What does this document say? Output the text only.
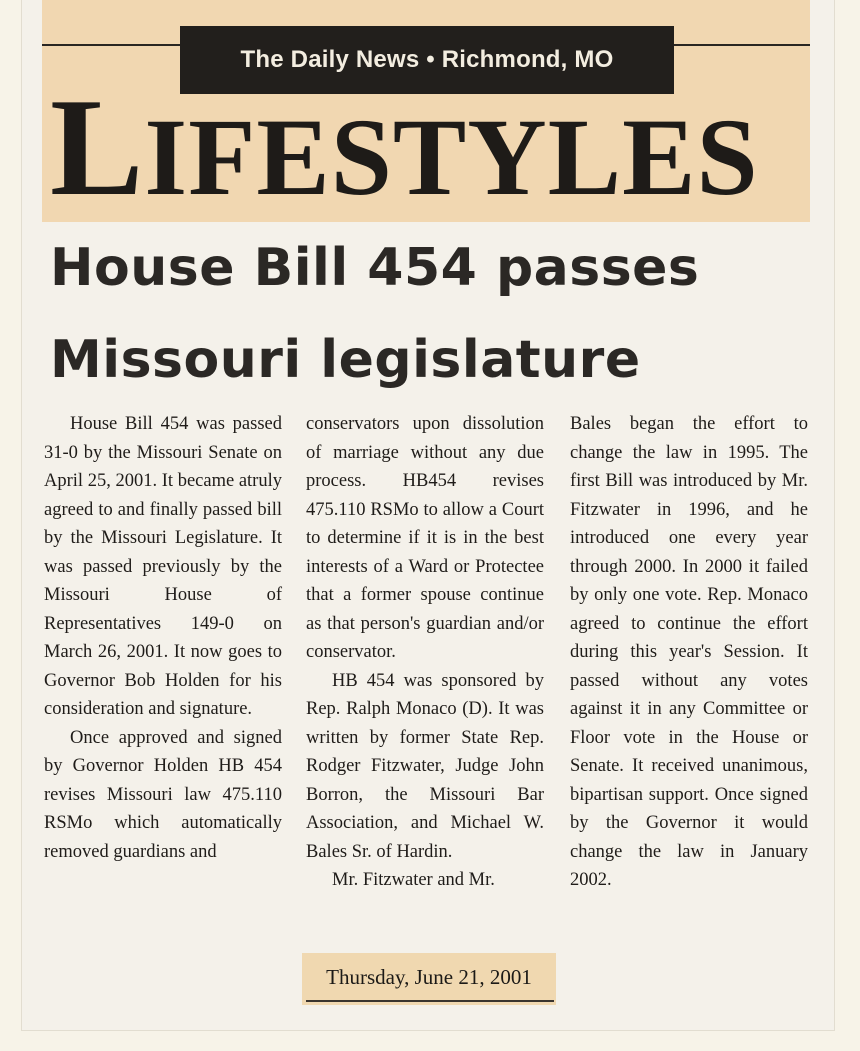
The Daily News • Richmond, MO
LIFESTYLES
House Bill 454 passes Missouri legislature

House Bill 454 was passed 31-0 by the Missouri Senate on April 25, 2001. It became atruly agreed to and finally passed bill by the Missouri Legislature. It was passed previously by the Missouri House of Representatives 149-0 on March 26, 2001. It now goes to Governor Bob Holden for his consideration and signature.

Once approved and signed by Governor Holden HB 454 revises Missouri law 475.110 RSMo which automatically removed guardians and

conservators upon dissolution of marriage without any due process. HB454 revises 475.110 RSMo to allow a Court to determine if it is in the best interests of a Ward or Protectee that a former spouse continue as that person's guardian and/or conservator.

HB 454 was sponsored by Rep. Ralph Monaco (D). It was written by former State Rep. Rodger Fitzwater, Judge John Borron, the Missouri Bar Association, and Michael W. Bales Sr. of Hardin.

Mr. Fitzwater and Mr.

Bales began the effort to change the law in 1995. The first Bill was introduced by Mr. Fitzwater in 1996, and he introduced one every year through 2000. In 2000 it failed by only one vote. Rep. Monaco agreed to continue the effort during this year's Session. It passed without any votes against it in any Committee or Floor vote in the House or Senate. It received unanimous, bipartisan support. Once signed by the Governor it would change the law in January 2002.

Thursday, June 21, 2001
